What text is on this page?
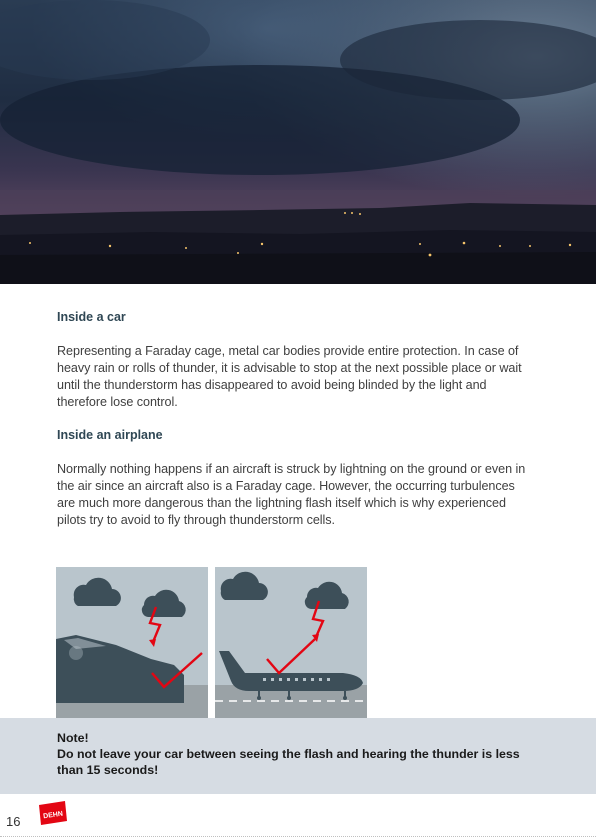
Inside a car

Representing a Faraday cage, metal car bodies provide entire protection. In case of heavy rain or rolls of thunder, it is advisable to stop at the next possible place or wait until the thunderstorm has disappeared to avoid being blinded by the light and therefore lose control.

Inside an airplane

Normally nothing happens if an aircraft is struck by lightning on the ground or even in the air since an aircraft also is a Faraday cage. However, the occurring turbulences are much more dangerous than the lightning flash itself which is why experienced pilots try to avoid to fly through thunderstorm cells.

Note!
Do not leave your car between seeing the flash and hearing the thunder is less than 15 seconds!
16	DEHN
